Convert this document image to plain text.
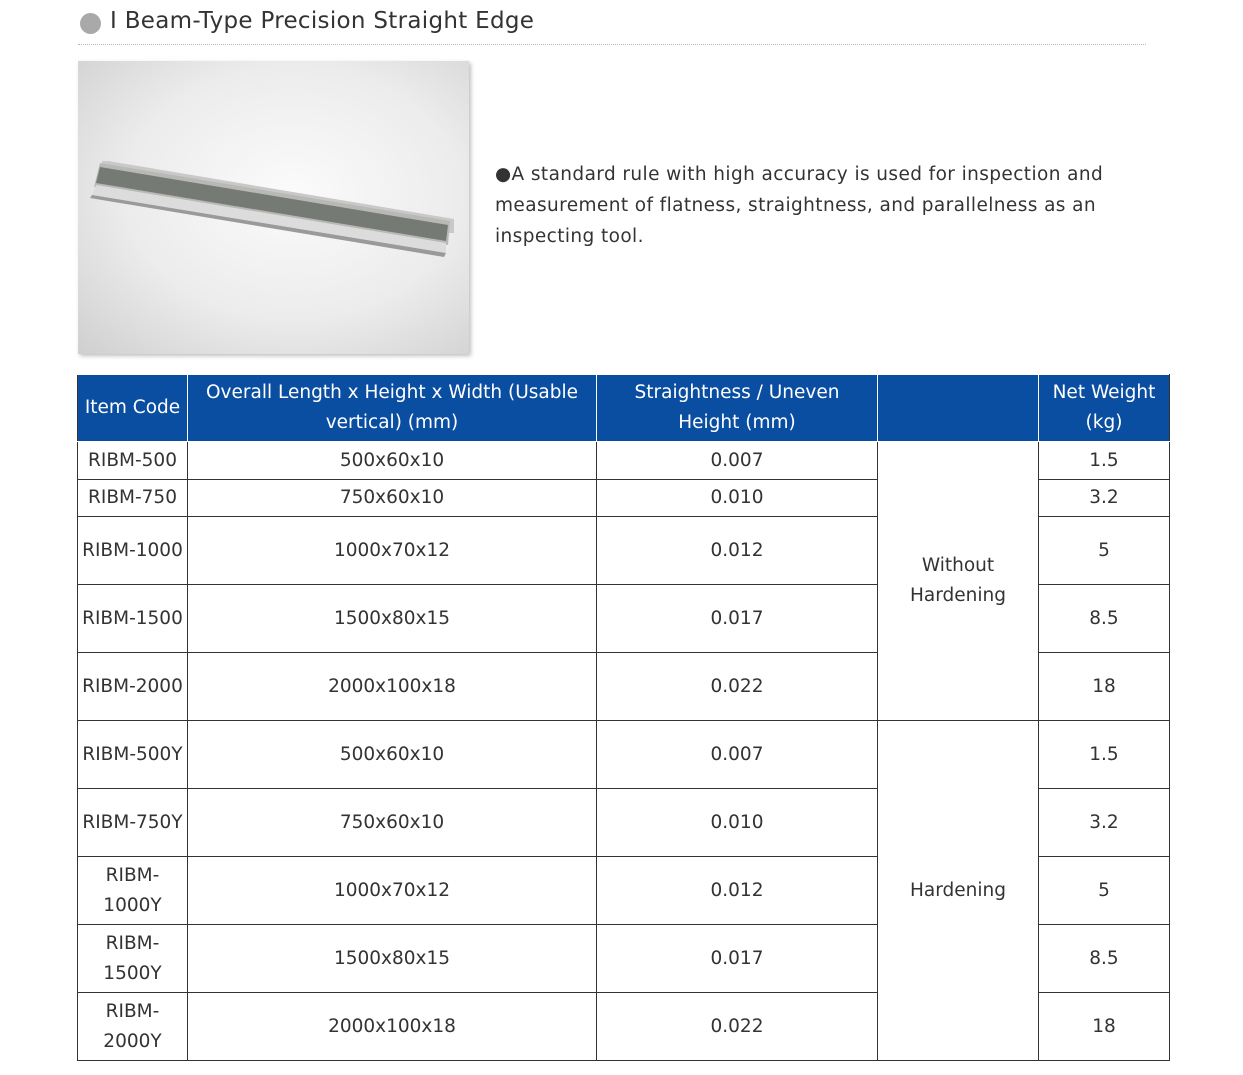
I Beam-Type Precision Straight Edge
●A standard rule with high accuracy is used for inspection and measurement of flatness, straightness, and parallelness as an inspecting tool.
Item Code	Overall Length x Height x Width (Usable vertical) (mm)	Straightness / Uneven Height (mm)		Net Weight (kg)
RIBM-500	500x60x10	0.007	Without Hardening	1.5
RIBM-750	750x60x10	0.010		3.2
RIBM-1000	1000x70x12	0.012		5
RIBM-1500	1500x80x15	0.017		8.5
RIBM-2000	2000x100x18	0.022		18
RIBM-500Y	500x60x10	0.007	Hardening	1.5
RIBM-750Y	750x60x10	0.010		3.2
RIBM-1000Y	1000x70x12	0.012		5
RIBM-1500Y	1500x80x15	0.017		8.5
RIBM-2000Y	2000x100x18	0.022		18
